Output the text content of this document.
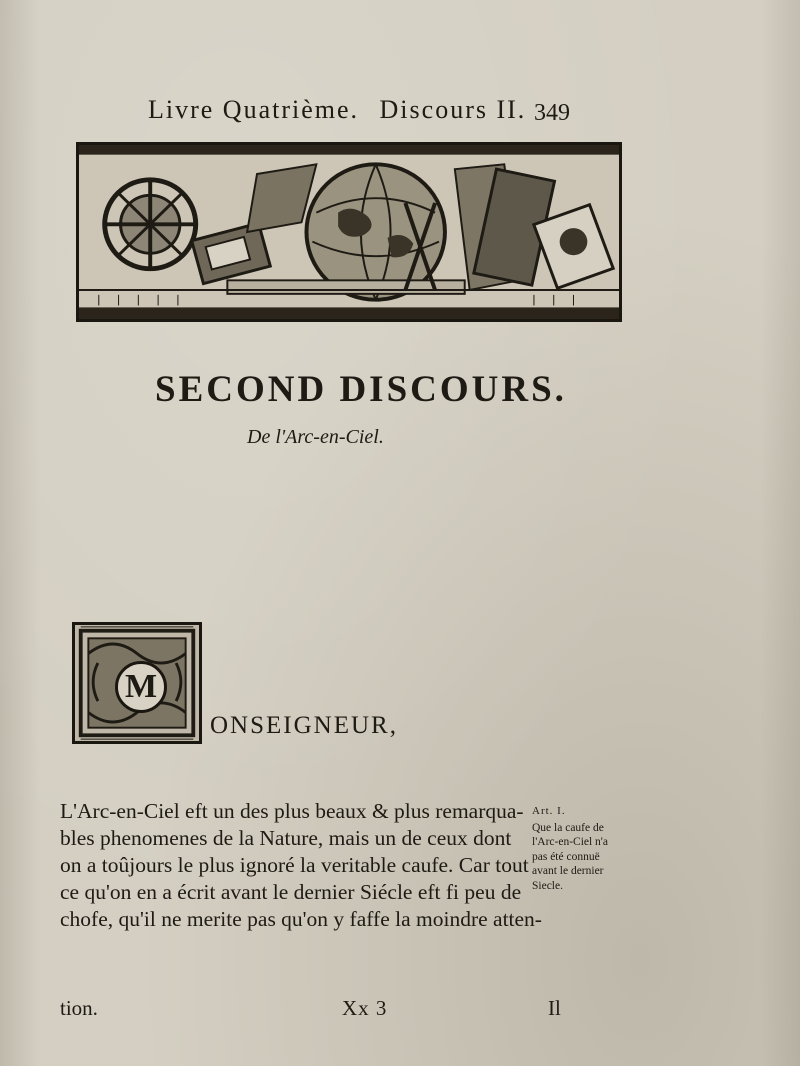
Livre Quatrième. Discours II. 349
SECOND DISCOURS.
De l'Arc-en-Ciel.
M
ONSEIGNEUR,
L'Arc-en-Ciel eft un des plus beaux & plus remarqua-
bles phenomenes de la Nature, mais un de ceux dont
on a toûjours le plus ignoré la veritable caufe. Car tout
ce qu'on en a écrit avant le dernier Siécle eft fi peu de
chofe, qu'il ne merite pas qu'on y faffe la moindre atten-
Art. I.
Que la caufe de
l'Arc-en-Ciel n'a
pas été connuë
avant le dernier
Siecle.
tion.	Xx 3	Il
